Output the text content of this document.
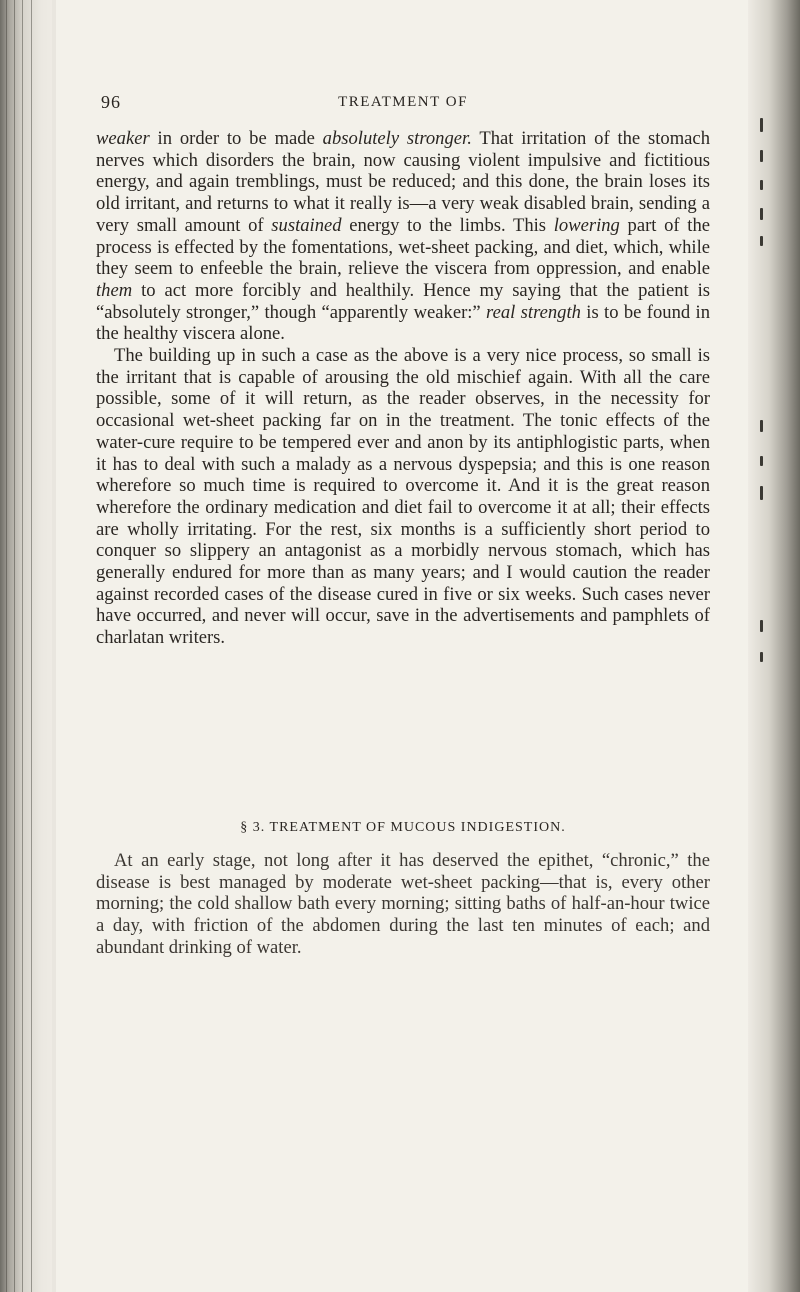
96	TREATMENT OF

weaker in order to be made absolutely stronger. That irritation of the stomach nerves which disorders the brain, now causing violent impulsive and fictitious energy, and again tremblings, must be reduced; and this done, the brain loses its old irritant, and returns to what it really is—a very weak disabled brain, sending a very small amount of sustained energy to the limbs. This lowering part of the process is effected by the fomentations, wet-sheet packing, and diet, which, while they seem to enfeeble the brain, relieve the viscera from oppression, and enable them to act more forcibly and healthily. Hence my saying that the patient is “absolutely stronger,” though “apparently weaker:” real strength is to be found in the healthy viscera alone.

The building up in such a case as the above is a very nice process, so small is the irritant that is capable of arousing the old mischief again. With all the care possible, some of it will return, as the reader observes, in the necessity for occasional wet-sheet packing far on in the treatment. The tonic effects of the water-cure require to be tempered ever and anon by its antiphlogistic parts, when it has to deal with such a malady as a nervous dyspepsia; and this is one reason wherefore so much time is required to overcome it. And it is the great reason wherefore the ordinary medication and diet fail to overcome it at all; their effects are wholly irritating. For the rest, six months is a sufficiently short period to conquer so slippery an antagonist as a morbidly nervous stomach, which has generally endured for more than as many years; and I would caution the reader against recorded cases of the disease cured in five or six weeks. Such cases never have occurred, and never will occur, save in the advertisements and pamphlets of charlatan writers.

§ 3. TREATMENT OF MUCOUS INDIGESTION.

At an early stage, not long after it has deserved the epithet, “chronic,” the disease is best managed by moderate wet-sheet packing—that is, every other morning; the cold shallow bath every morning; sitting baths of half-an-hour twice a day, with friction of the abdomen during the last ten minutes of each; and abundant drinking of water.
